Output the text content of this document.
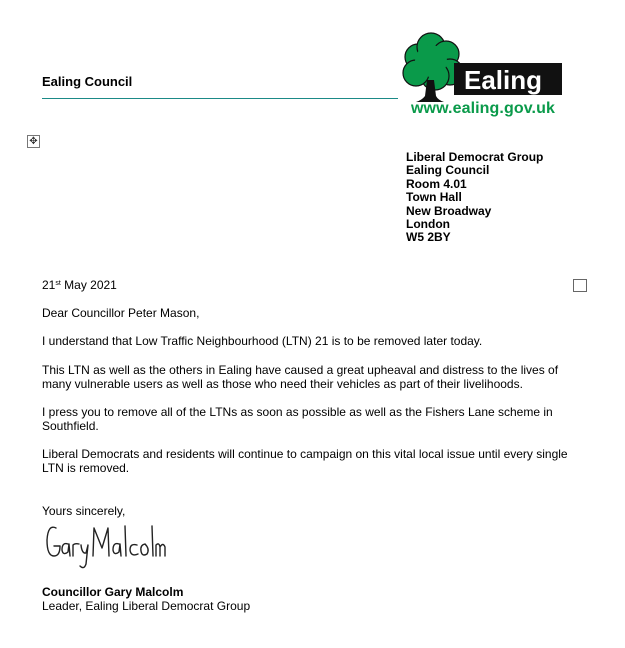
Ealing Council
✥
Ealing
www.ealing.gov.uk
Liberal Democrat Group
Ealing Council
Room 4.01
Town Hall
New Broadway
London
W5 2BY
21st May 2021
Dear Councillor Peter Mason,
I understand that Low Traffic Neighbourhood (LTN) 21 is to be removed later today.
This LTN as well as the others in Ealing have caused a great upheaval and distress to the lives of many vulnerable users as well as those who need their vehicles as part of their livelihoods.
I press you to remove all of the LTNs as soon as possible as well as the Fishers Lane scheme in Southfield.
Liberal Democrats and residents will continue to campaign on this vital local issue until every single LTN is removed.
Yours sincerely,
Councillor Gary Malcolm
Leader, Ealing Liberal Democrat Group
